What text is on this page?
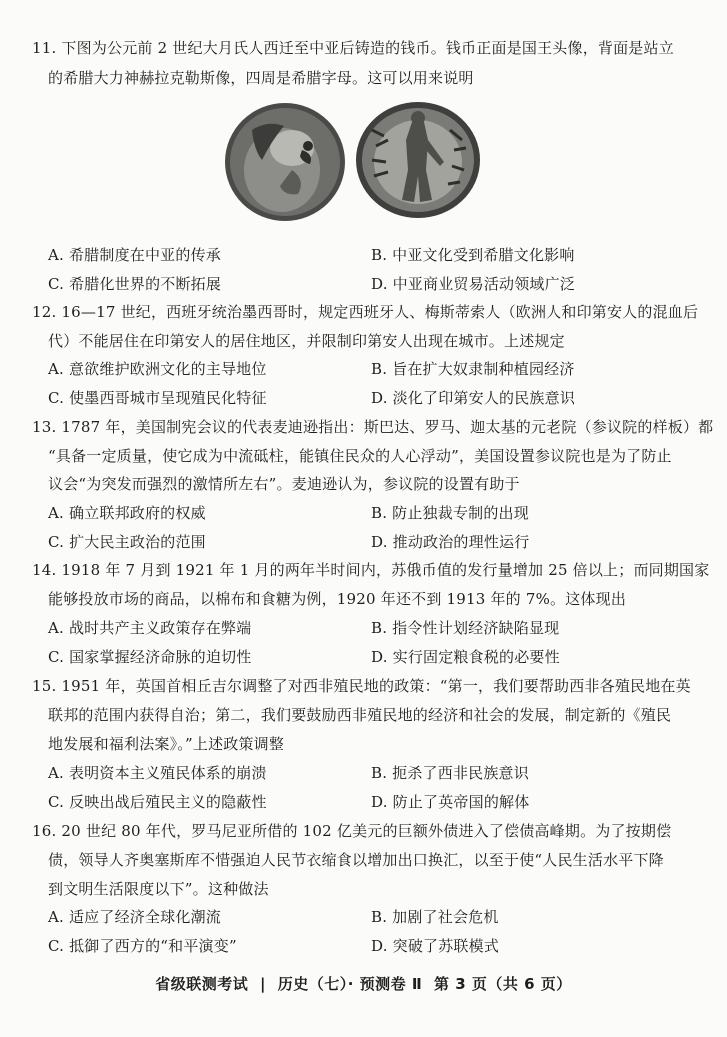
11. 下图为公元前 2 世纪大月氏人西迁至中亚后铸造的钱币。钱币正面是国王头像，背面是站立
的希腊大力神赫拉克勒斯像，四周是希腊字母。这可以用来说明
A. 希腊制度在中亚的传承	B. 中亚文化受到希腊文化影响
C. 希腊化世界的不断拓展	D. 中亚商业贸易活动领域广泛
12. 16—17 世纪，西班牙统治墨西哥时，规定西班牙人、梅斯蒂索人（欧洲人和印第安人的混血后
代）不能居住在印第安人的居住地区，并限制印第安人出现在城市。上述规定
A. 意欲维护欧洲文化的主导地位	B. 旨在扩大奴隶制种植园经济
C. 使墨西哥城市呈现殖民化特征	D. 淡化了印第安人的民族意识
13. 1787 年，美国制宪会议的代表麦迪逊指出：斯巴达、罗马、迦太基的元老院（参议院的样板）都
“具备一定质量，使它成为中流砥柱，能镇住民众的人心浮动”，美国设置参议院也是为了防止
议会“为突发而强烈的激情所左右”。麦迪逊认为，参议院的设置有助于
A. 确立联邦政府的权威	B. 防止独裁专制的出现
C. 扩大民主政治的范围	D. 推动政治的理性运行
14. 1918 年 7 月到 1921 年 1 月的两年半时间内，苏俄币值的发行量增加 25 倍以上；而同期国家
能够投放市场的商品，以棉布和食糖为例，1920 年还不到 1913 年的 7%。这体现出
A. 战时共产主义政策存在弊端	B. 指令性计划经济缺陷显现
C. 国家掌握经济命脉的迫切性	D. 实行固定粮食税的必要性
15. 1951 年，英国首相丘吉尔调整了对西非殖民地的政策：“第一，我们要帮助西非各殖民地在英
联邦的范围内获得自治；第二，我们要鼓励西非殖民地的经济和社会的发展，制定新的《殖民
地发展和福利法案》。”上述政策调整
A. 表明资本主义殖民体系的崩溃	B. 扼杀了西非民族意识
C. 反映出战后殖民主义的隐蔽性	D. 防止了英帝国的解体
16. 20 世纪 80 年代，罗马尼亚所借的 102 亿美元的巨额外债进入了偿债高峰期。为了按期偿
债，领导人齐奥塞斯库不惜强迫人民节衣缩食以增加出口换汇，以至于使“人民生活水平下降
到文明生活限度以下”。这种做法
A. 适应了经济全球化潮流	B. 加剧了社会危机
C. 抵御了西方的“和平演变”	D. 突破了苏联模式
省级联测考试 | 历史（七）· 预测卷 Ⅱ 第 3 页（共 6 页）
